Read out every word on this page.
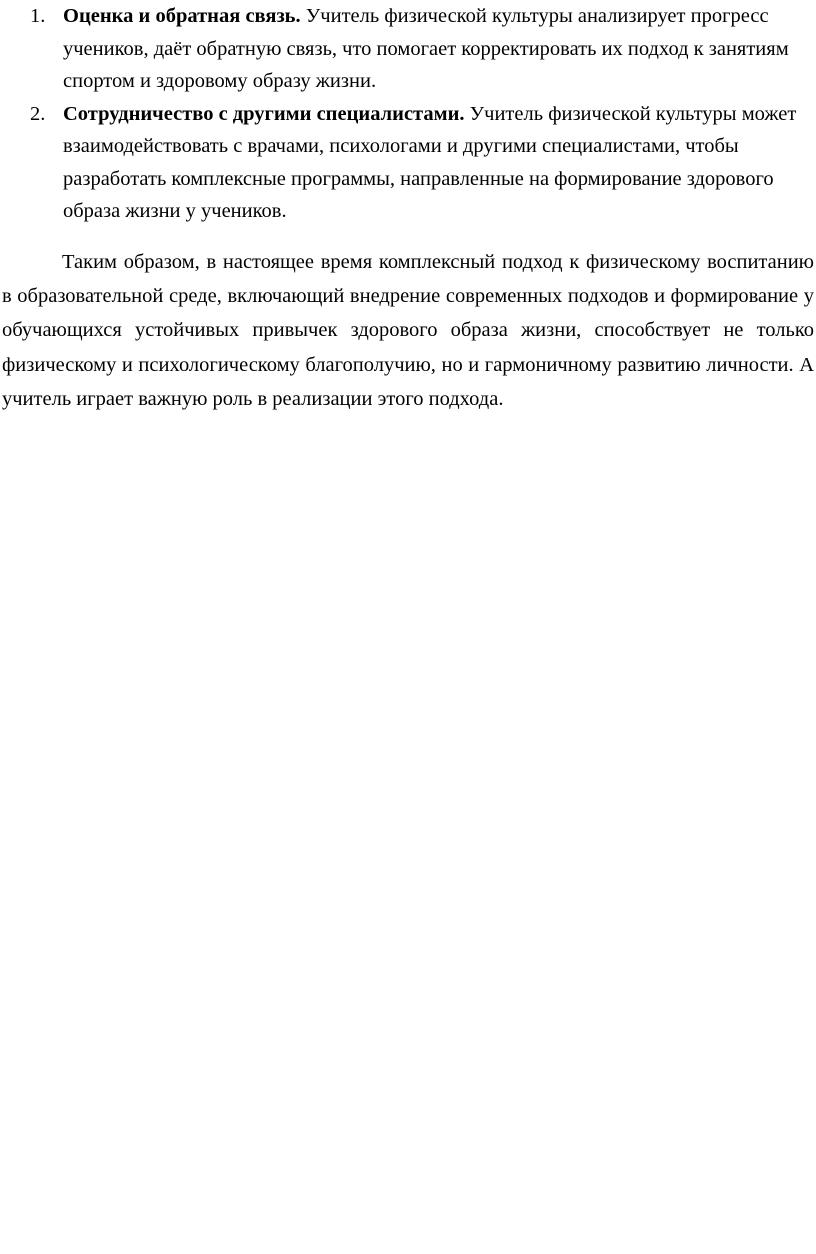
1. Оценка и обратная связь. Учитель физической культуры анализирует прогресс учеников, даёт обратную связь, что помогает корректировать их подход к занятиям спортом и здоровому образу жизни.
2. Сотрудничество с другими специалистами. Учитель физической культуры может взаимодействовать с врачами, психологами и другими специалистами, чтобы разработать комплексные программы, направленные на формирование здорового образа жизни у учеников.

Таким образом, в настоящее время комплексный подход к физическому воспитанию в образовательной среде, включающий внедрение современных подходов и формирование у обучающихся устойчивых привычек здорового образа жизни, способствует не только физическому и психологическому благополучию, но и гармоничному развитию личности. А учитель играет важную роль в реализации этого подхода.
